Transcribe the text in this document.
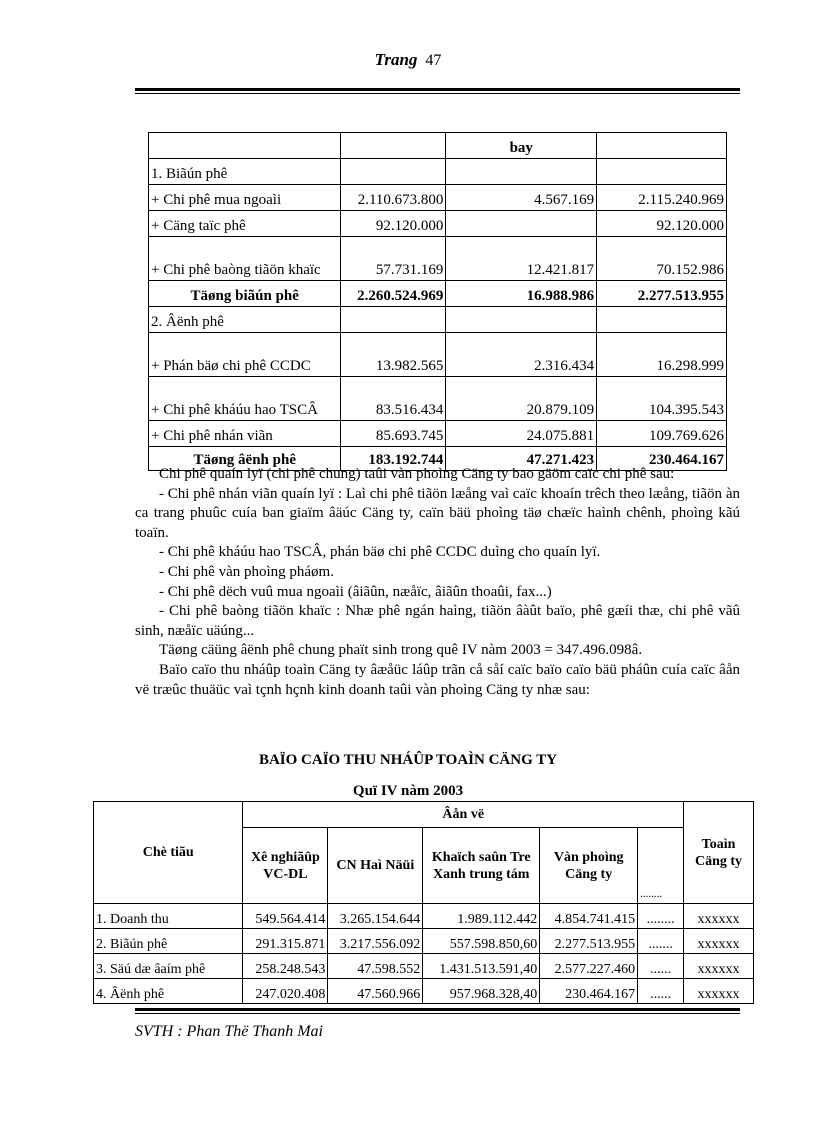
Trang 47
		bay	
1. Biãún phê			
+ Chi phê mua ngoaìi	2.110.673.800	4.567.169	2.115.240.969
+ Cäng taïc phê	92.120.000		92.120.000
+ Chi phê baòng tiãön khaïc	57.731.169	12.421.817	70.152.986
Täøng biãún phê	2.260.524.969	16.988.986	2.277.513.955
2. Âënh phê			
+ Phán bäø chi phê CCDC	13.982.565	2.316.434	16.298.999
+ Chi phê kháúu hao TSCÂ	83.516.434	20.879.109	104.395.543
+ Chi phê nhán viãn	85.693.745	24.075.881	109.769.626
Täøng âënh phê	183.192.744	47.271.423	230.464.167

Chi phê quaín lyï (chi phê chung) taûi vàn phoìng Cäng ty bao gäöm caïc chi phê sau:

- Chi phê nhán viãn quaín lyï : Laì chi phê tiãön læång vaì caïc khoaín trêch theo læång, tiãön àn ca trang phuûc cuía ban giaïm âäúc Cäng ty, caïn bäü phoìng täø chæïc haình chênh, phoìng kãú toaïn.

- Chi phê kháúu hao TSCÂ, phán bäø chi phê CCDC duìng cho quaín lyï.

- Chi phê vàn phoìng pháøm.

- Chi phê dëch vuû mua ngoaìi (âiãûn, næåïc, âiãûn thoaûi, fax...)

- Chi phê baòng tiãön khaïc : Nhæ phê ngán haìng, tiãön âàût baïo, phê gæíi thæ, chi phê vãû sinh, næåïc uäúng...

Täøng cäüng âënh phê chung phaït sinh trong quê IV nàm 2003 = 347.496.098â.

Baïo caïo thu nháûp toaìn Cäng ty âæåüc láûp trãn cå såí caïc baïo caïo bäü pháûn cuía caïc âån vë træûc thuäüc vaì tçnh hçnh kinh doanh taûi vàn phoìng Cäng ty nhæ sau:

BAÏO CAÏO THU NHÁÛP TOAÌN CÄNG TY
Quï IV nàm 2003
Chè tiãu	Âån vë					Toaìn Cäng ty
	Xê nghiãûp VC-DL	CN Haì Näüi	Khaïch saûn Tre Xanh trung tám	Vàn phoìng Cäng ty	........	
1. Doanh thu	549.564.414	3.265.154.644	1.989.112.442	4.854.741.415	........	xxxxxx
2. Biãún phê	291.315.871	3.217.556.092	557.598.850,60	2.277.513.955	.......	xxxxxx
3. Säú dæ âaím phê	258.248.543	47.598.552	1.431.513.591,40	2.577.227.460	......	xxxxxx
4. Âënh phê	247.020.408	47.560.966	957.968.328,40	230.464.167	......	xxxxxx
SVTH : Phan Thë Thanh Mai
